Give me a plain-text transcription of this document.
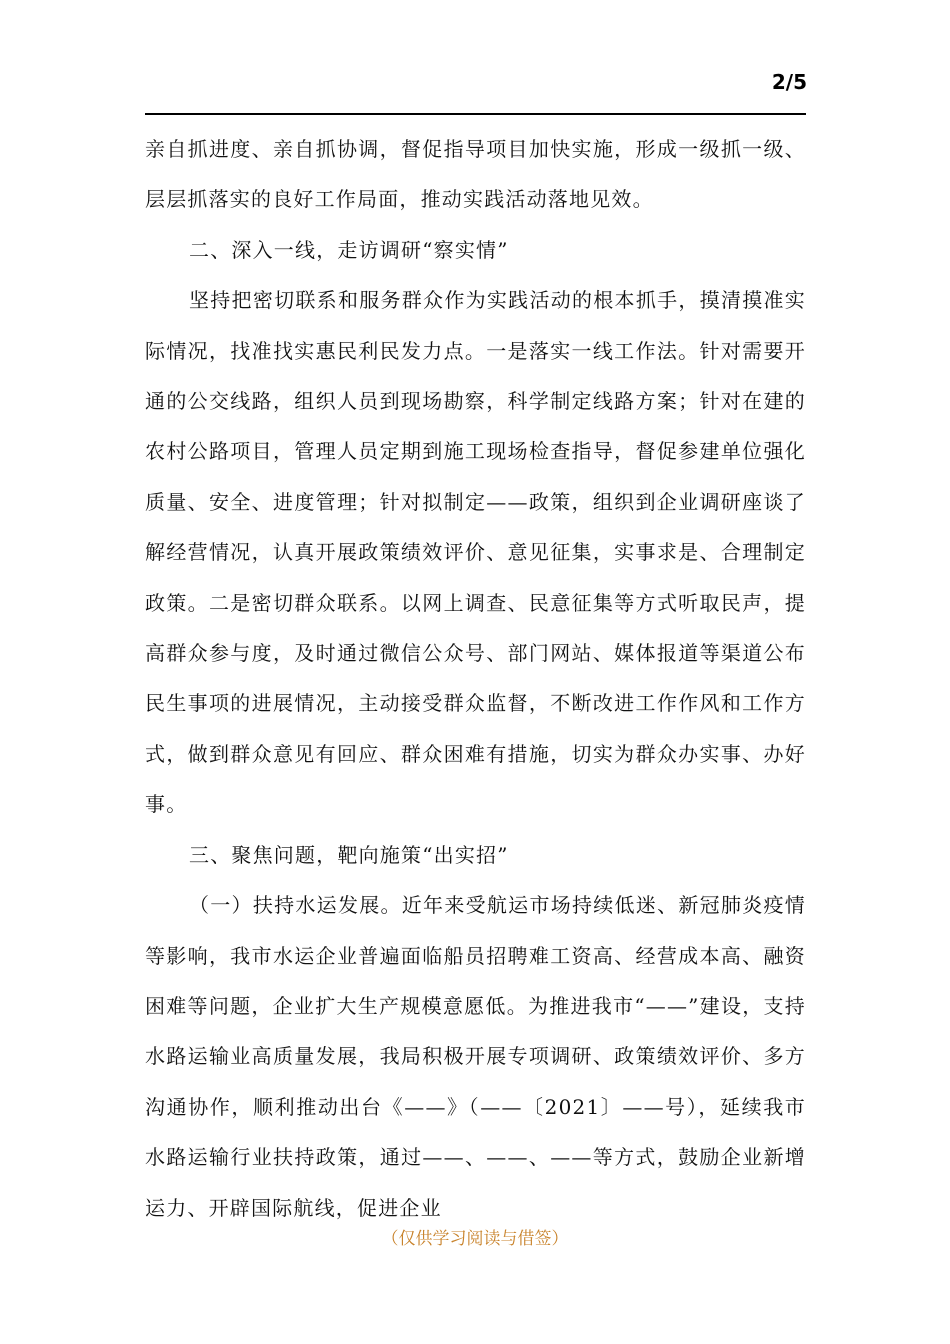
2/5

亲自抓进度、亲自抓协调，督促指导项目加快实施，形成一级抓一级、层层抓落实的良好工作局面，推动实践活动落地见效。

二、深入一线，走访调研“察实情”

坚持把密切联系和服务群众作为实践活动的根本抓手，摸清摸准实际情况，找准找实惠民利民发力点。一是落实一线工作法。针对需要开通的公交线路，组织人员到现场勘察，科学制定线路方案；针对在建的农村公路项目，管理人员定期到施工现场检查指导，督促参建单位强化质量、安全、进度管理；针对拟制定——政策，组织到企业调研座谈了解经营情况，认真开展政策绩效评价、意见征集，实事求是、合理制定政策。二是密切群众联系。以网上调查、民意征集等方式听取民声，提高群众参与度，及时通过微信公众号、部门网站、媒体报道等渠道公布民生事项的进展情况，主动接受群众监督，不断改进工作作风和工作方式，做到群众意见有回应、群众困难有措施，切实为群众办实事、办好事。

三、聚焦问题，靶向施策“出实招”

（一）扶持水运发展。近年来受航运市场持续低迷、新冠肺炎疫情等影响，我市水运企业普遍面临船员招聘难工资高、经营成本高、融资困难等问题，企业扩大生产规模意愿低。为推进我市“——”建设，支持水路运输业高质量发展，我局积极开展专项调研、政策绩效评价、多方沟通协作，顺利推动出台《——》（——〔2021〕——号），延续我市水路运输行业扶持政策，通过——、——、——等方式，鼓励企业新增运力、开辟国际航线，促进企业

（仅供学习阅读与借签）
